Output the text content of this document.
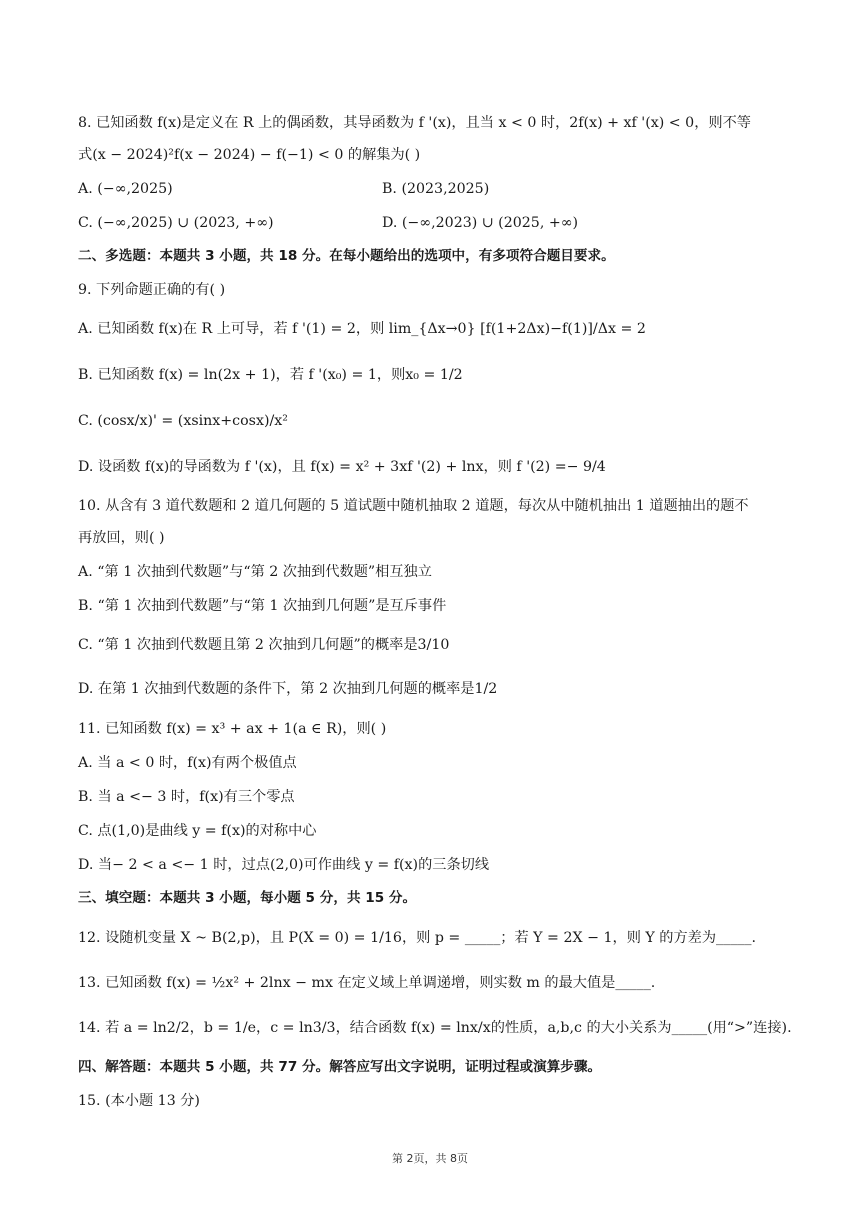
8. 已知函数 f(x)是定义在 R 上的偶函数，其导函数为 f '(x)，且当 x < 0 时，2f(x) + xf '(x) < 0，则不等
式(x − 2024)²f(x − 2024) − f(−1) < 0 的解集为( )
A. (−∞,2025)	B. (2023,2025)
C. (−∞,2025) ∪ (2023, +∞)	D. (−∞,2023) ∪ (2025, +∞)
二、多选题：本题共 3 小题，共 18 分。在每小题给出的选项中，有多项符合题目要求。
9. 下列命题正确的有( )
A. 已知函数 f(x)在 R 上可导，若 f '(1) = 2，则 lim_{Δx→0} [f(1+2Δx)−f(1)]/Δx = 2
B. 已知函数 f(x) = ln(2x + 1)，若 f '(x₀) = 1，则x₀ = 1/2
C. (cosx/x)' = (xsinx+cosx)/x²
D. 设函数 f(x)的导函数为 f '(x)，且 f(x) = x² + 3xf '(2) + lnx，则 f '(2) =− 9/4
10. 从含有 3 道代数题和 2 道几何题的 5 道试题中随机抽取 2 道题，每次从中随机抽出 1 道题抽出的题不
再放回，则( )
A. “第 1 次抽到代数题”与“第 2 次抽到代数题”相互独立
B. “第 1 次抽到代数题”与“第 1 次抽到几何题”是互斥事件
C. “第 1 次抽到代数题且第 2 次抽到几何题”的概率是3/10
D. 在第 1 次抽到代数题的条件下，第 2 次抽到几何题的概率是1/2
11. 已知函数 f(x) = x³ + ax + 1(a ∈ R)，则( )
A. 当 a < 0 时，f(x)有两个极值点
B. 当 a <− 3 时，f(x)有三个零点
C. 点(1,0)是曲线 y = f(x)的对称中心
D. 当− 2 < a <− 1 时，过点(2,0)可作曲线 y = f(x)的三条切线
三、填空题：本题共 3 小题，每小题 5 分，共 15 分。
12. 设随机变量 X ~ B(2,p)，且 P(X = 0) = 1/16，则 p = _____；若 Y = 2X − 1，则 Y 的方差为_____.
13. 已知函数 f(x) = ½x² + 2lnx − mx 在定义域上单调递增，则实数 m 的最大值是_____.
14. 若 a = ln2/2，b = 1/e，c = ln3/3，结合函数 f(x) = lnx/x的性质，a,b,c 的大小关系为_____(用“>”连接).
四、解答题：本题共 5 小题，共 77 分。解答应写出文字说明，证明过程或演算步骤。
15. (本小题 13 分)
第 2页，共 8页
